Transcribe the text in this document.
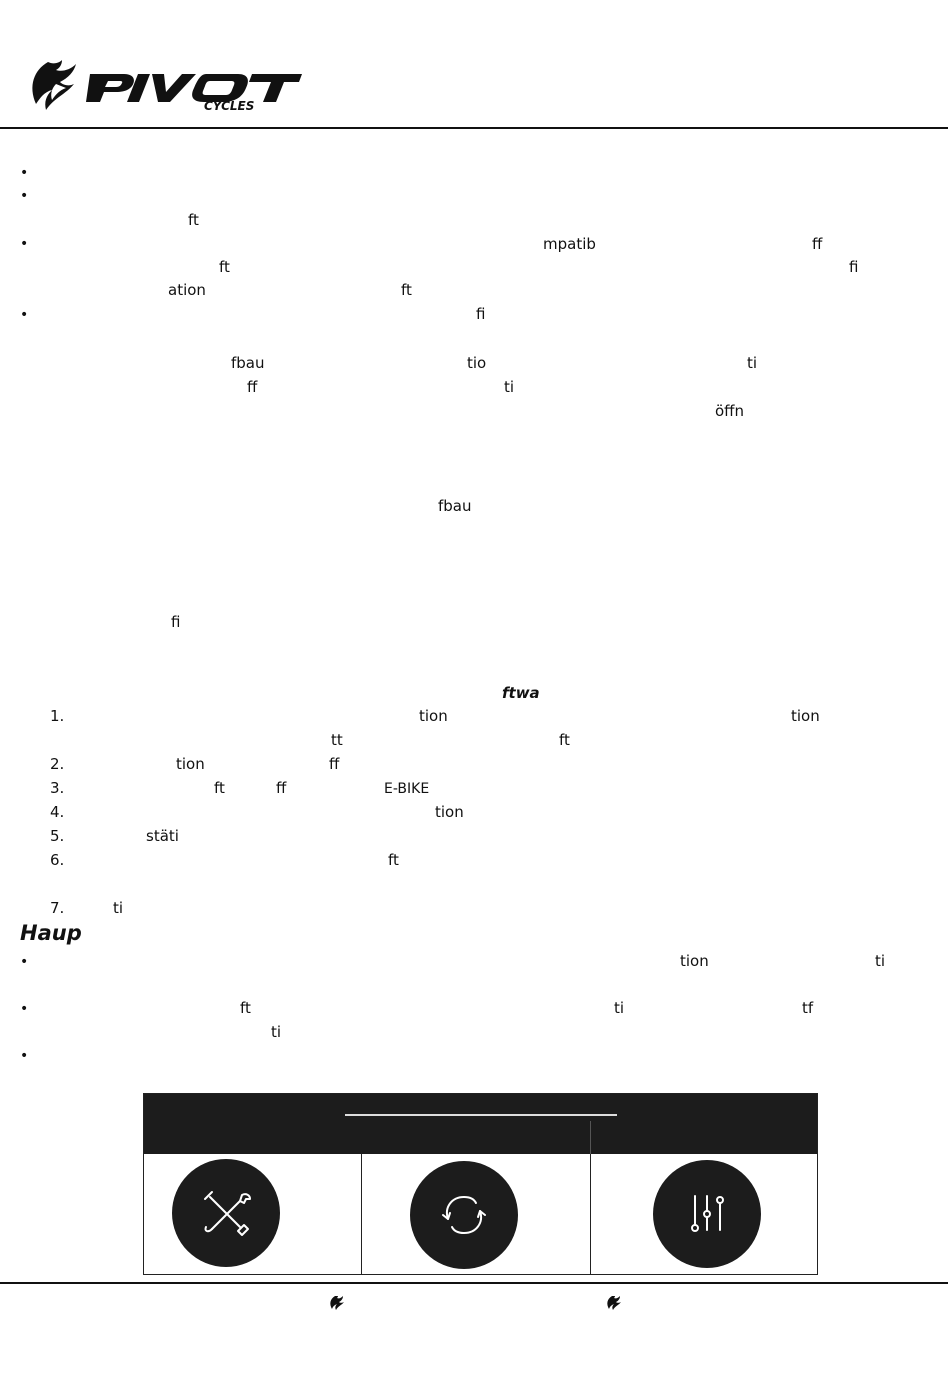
CYCLES
•
•
•
•
ft
mpatib	ff
ft	fi
ation	ft
fi
fbau	tio	ti
ff	ti
öffn
fbau
fi
ftwa
1.	tion	tion
tt	ft
2.	tion	ff
3.	ft	ff	E-BIKE
4.	tion
5.	stäti
6.	ft
7.	ti
Haup
•	tion	ti
•	ft	ti	tf
ti
•
